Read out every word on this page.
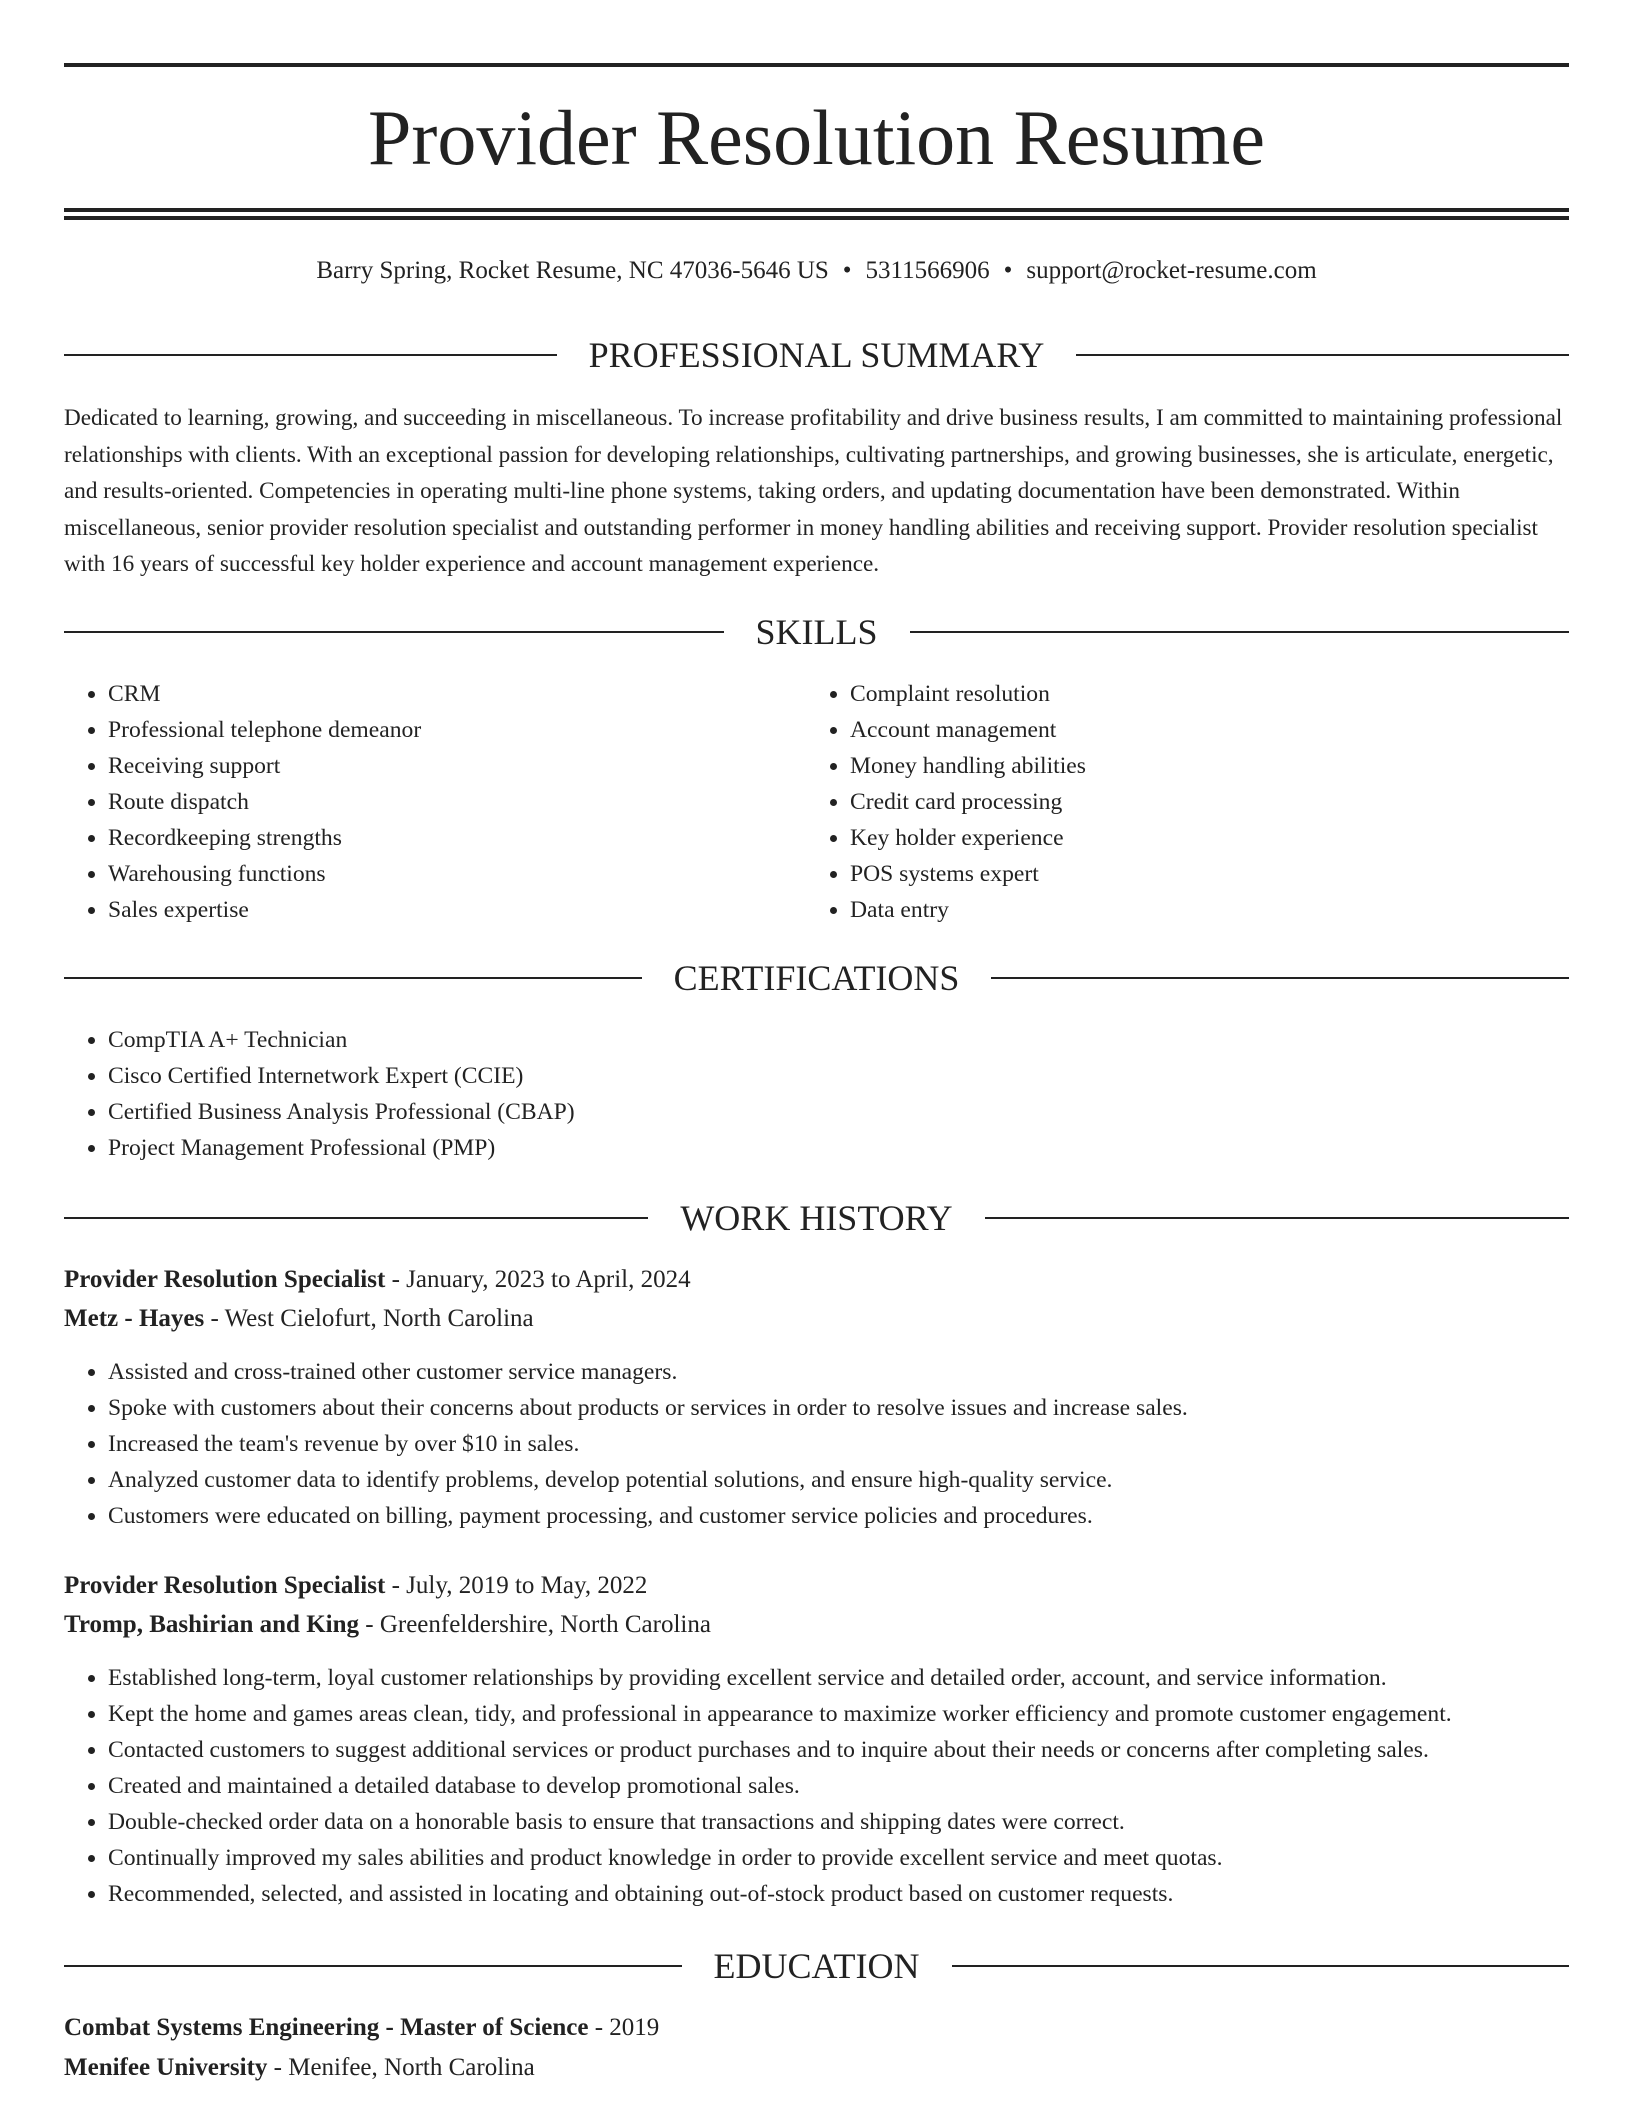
Provider Resolution Resume
Barry Spring, Rocket Resume, NC 47036-5646 US • 5311566906 • support@rocket-resume.com
PROFESSIONAL SUMMARY

Dedicated to learning, growing, and succeeding in miscellaneous. To increase profitability and drive business results, I am committed to maintaining professional relationships with clients. With an exceptional passion for developing relationships, cultivating partnerships, and growing businesses, she is articulate, energetic, and results-oriented. Competencies in operating multi-line phone systems, taking orders, and updating documentation have been demonstrated. Within miscellaneous, senior provider resolution specialist and outstanding performer in money handling abilities and receiving support. Provider resolution specialist with 16 years of successful key holder experience and account management experience.

SKILLS
• CRM
• Professional telephone demeanor
• Receiving support
• Route dispatch
• Recordkeeping strengths
• Warehousing functions
• Sales expertise
• Complaint resolution
• Account management
• Money handling abilities
• Credit card processing
• Key holder experience
• POS systems expert
• Data entry
CERTIFICATIONS
• CompTIA A+ Technician
• Cisco Certified Internetwork Expert (CCIE)
• Certified Business Analysis Professional (CBAP)
• Project Management Professional (PMP)
WORK HISTORY
Provider Resolution Specialist - January, 2023 to April, 2024
Metz - Hayes - West Cielofurt, North Carolina
• Assisted and cross-trained other customer service managers.
• Spoke with customers about their concerns about products or services in order to resolve issues and increase sales.
• Increased the team's revenue by over $10 in sales.
• Analyzed customer data to identify problems, develop potential solutions, and ensure high-quality service.
• Customers were educated on billing, payment processing, and customer service policies and procedures.
Provider Resolution Specialist - July, 2019 to May, 2022
Tromp, Bashirian and King - Greenfeldershire, North Carolina
• Established long-term, loyal customer relationships by providing excellent service and detailed order, account, and service information.
• Kept the home and games areas clean, tidy, and professional in appearance to maximize worker efficiency and promote customer engagement.
• Contacted customers to suggest additional services or product purchases and to inquire about their needs or concerns after completing sales.
• Created and maintained a detailed database to develop promotional sales.
• Double-checked order data on a honorable basis to ensure that transactions and shipping dates were correct.
• Continually improved my sales abilities and product knowledge in order to provide excellent service and meet quotas.
• Recommended, selected, and assisted in locating and obtaining out-of-stock product based on customer requests.
EDUCATION
Combat Systems Engineering - Master of Science - 2019
Menifee University - Menifee, North Carolina
